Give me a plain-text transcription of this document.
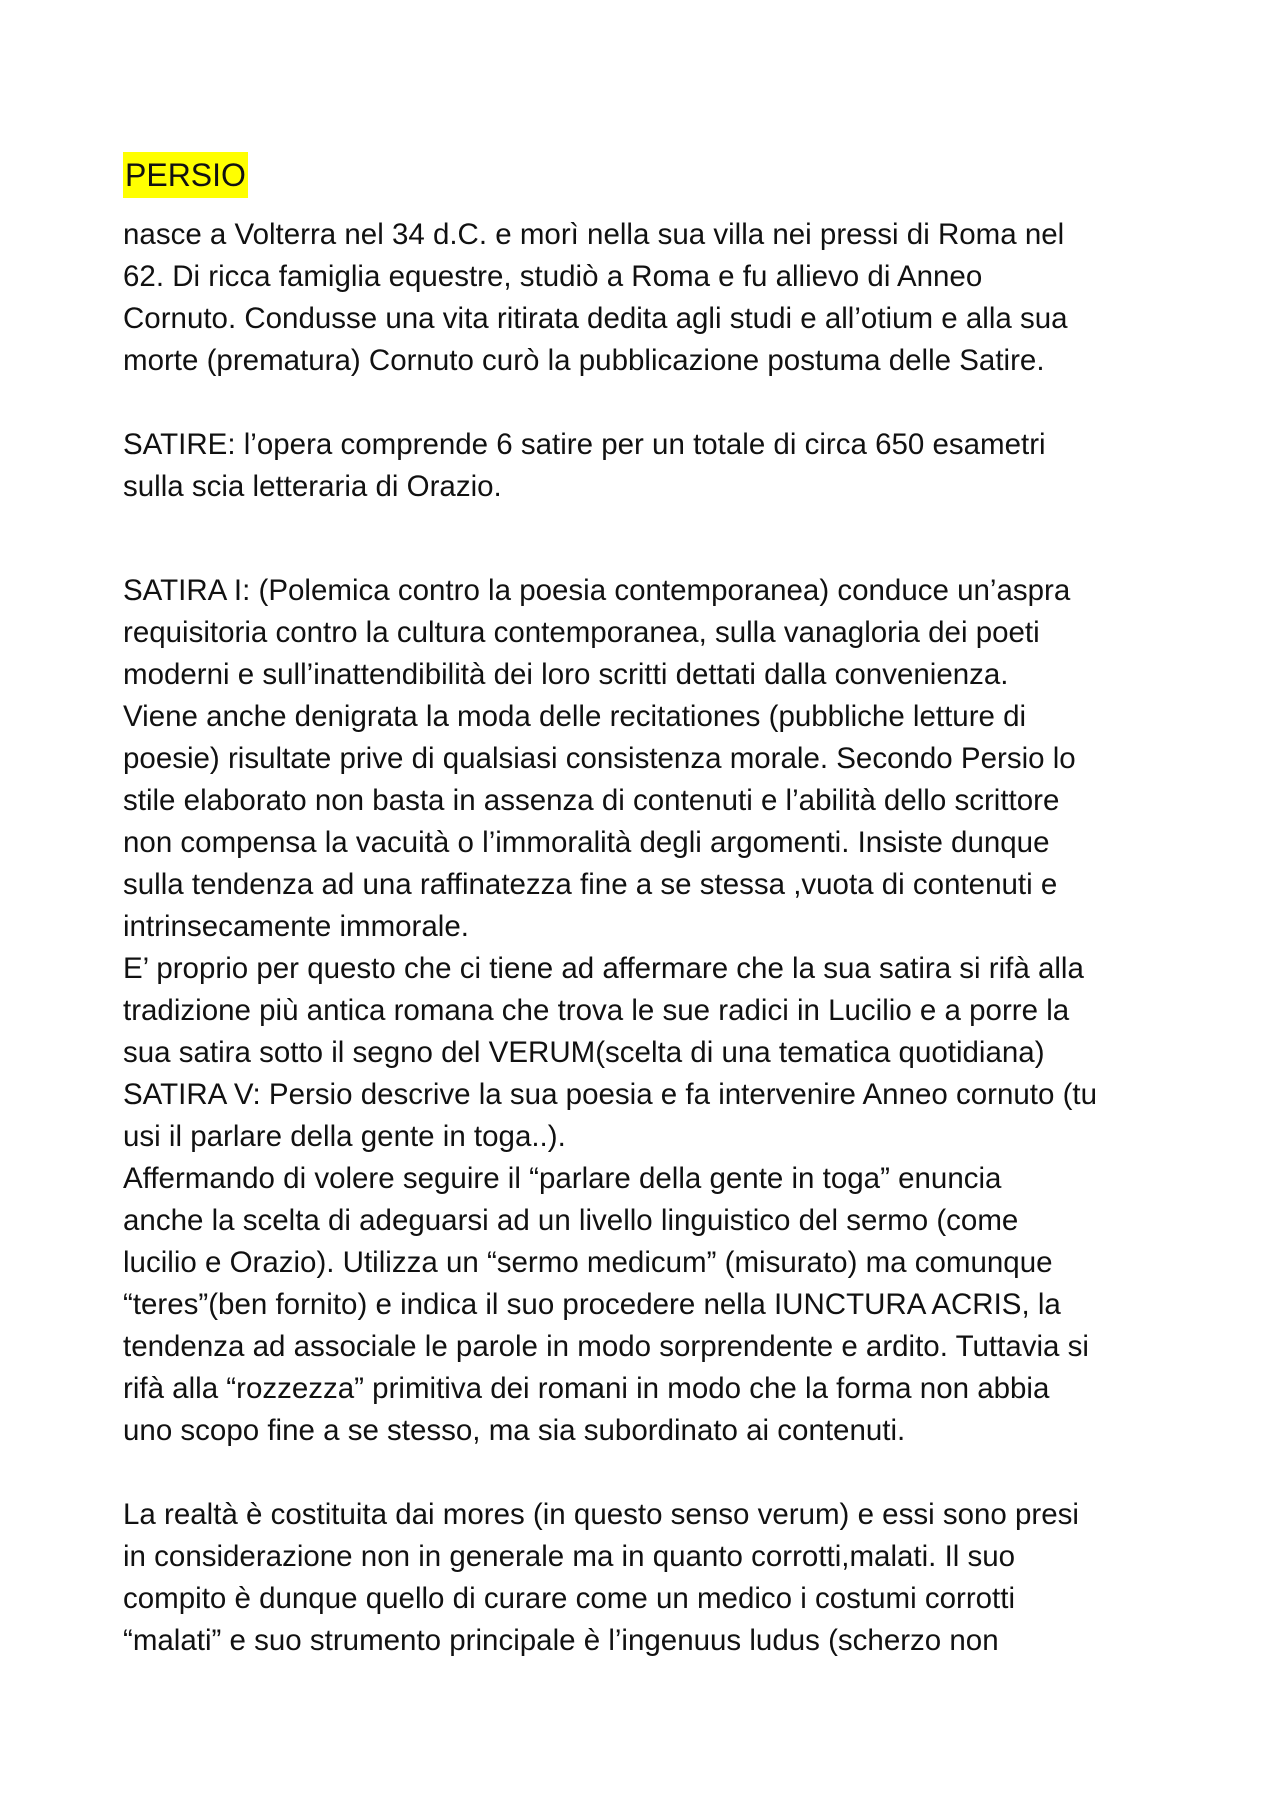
PERSIO
nasce a Volterra nel 34 d.C. e morì nella sua villa nei pressi di Roma nel
62. Di ricca famiglia equestre, studiò a Roma e fu allievo di Anneo
Cornuto. Condusse una vita ritirata dedita agli studi e all’otium e alla sua
morte (prematura) Cornuto curò la pubblicazione postuma delle Satire.
SATIRE: l’opera comprende 6 satire per un totale di circa 650 esametri
sulla scia letteraria di Orazio.
SATIRA I: (Polemica contro la poesia contemporanea) conduce un’aspra
requisitoria contro la cultura contemporanea, sulla vanagloria dei poeti
moderni e sull’inattendibilità dei loro scritti dettati dalla convenienza.
Viene anche denigrata la moda delle recitationes (pubbliche letture di
poesie) risultate prive di qualsiasi consistenza morale. Secondo Persio lo
stile elaborato non basta in assenza di contenuti e l’abilità dello scrittore
non compensa la vacuità o l’immoralità degli argomenti. Insiste dunque
sulla tendenza ad una raffinatezza fine a se stessa ,vuota di contenuti e
intrinsecamente immorale.
E’ proprio per questo che ci tiene ad affermare che la sua satira si rifà alla
tradizione più antica romana che trova le sue radici in Lucilio e a porre la
sua satira sotto il segno del VERUM(scelta di una tematica quotidiana)
SATIRA V: Persio descrive la sua poesia e fa intervenire Anneo cornuto (tu
usi il parlare della gente in toga..).
Affermando di volere seguire il “parlare della gente in toga” enuncia
anche la scelta di adeguarsi ad un livello linguistico del sermo (come
lucilio e Orazio). Utilizza un “sermo medicum” (misurato) ma comunque
“teres”(ben fornito) e indica il suo procedere nella IUNCTURA ACRIS, la
tendenza ad associale le parole in modo sorprendente e ardito. Tuttavia si
rifà alla “rozzezza” primitiva dei romani in modo che la forma non abbia
uno scopo fine a se stesso, ma sia subordinato ai contenuti.
La realtà è costituita dai mores (in questo senso verum) e essi sono presi
in considerazione non in generale ma in quanto corrotti,malati. Il suo
compito è dunque quello di curare come un medico i costumi corrotti
“malati” e suo strumento principale è l’ingenuus ludus (scherzo non
